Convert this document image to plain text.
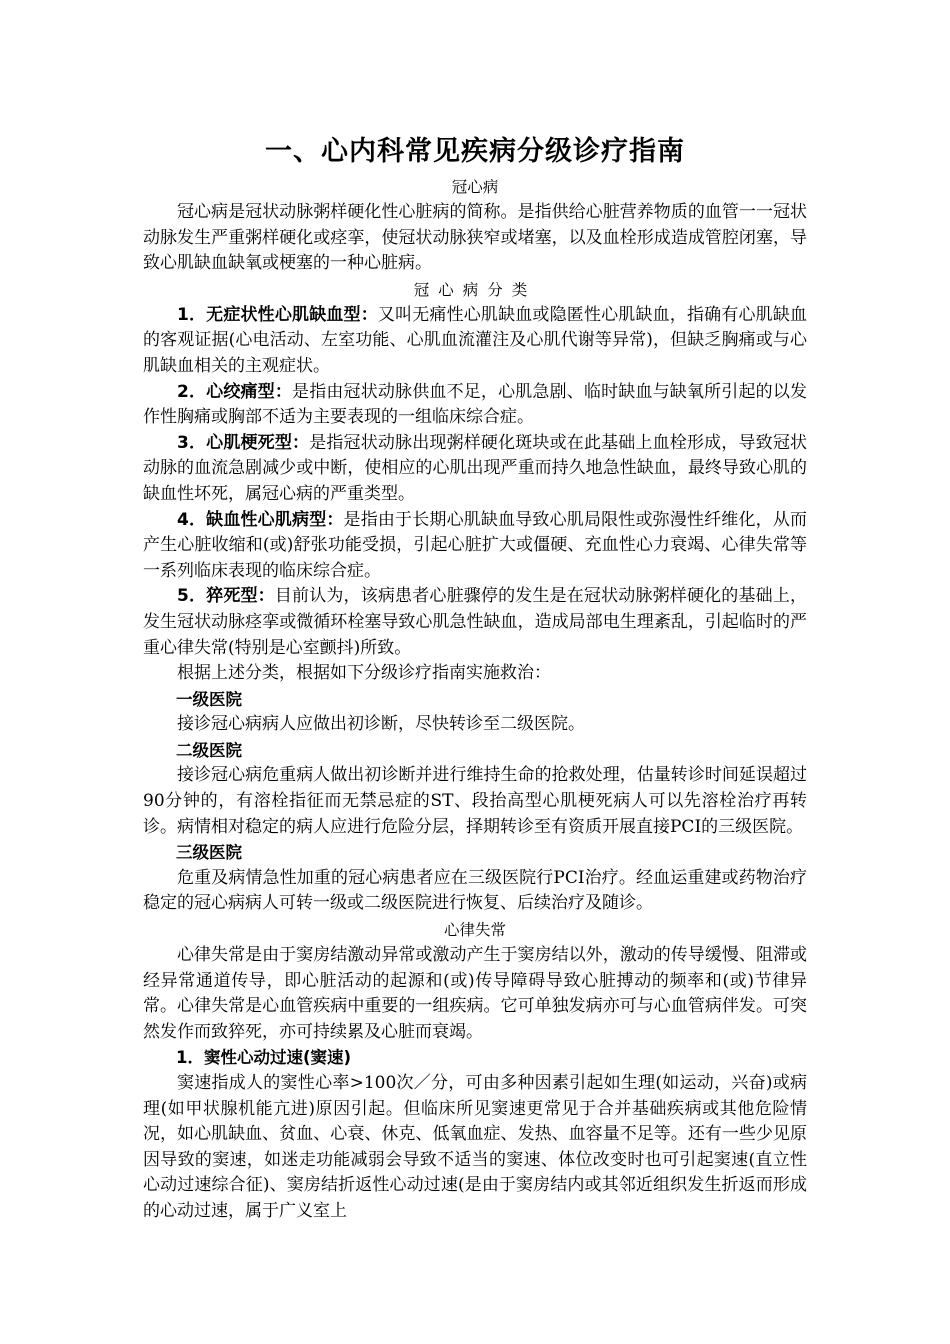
一、心内科常见疾病分级诊疗指南
冠心病

冠心病是冠状动脉粥样硬化性心脏病的简称。是指供给心脏营养物质的血管一一冠状动脉发生严重粥样硬化或痉挛，使冠状动脉狭窄或堵塞，以及血栓形成造成管腔闭塞，导致心肌缺血缺氧或梗塞的一种心脏病。

冠心病分类

1．无症状性心肌缺血型：又叫无痛性心肌缺血或隐匿性心肌缺血，指确有心肌缺血的客观证据(心电活动、左室功能、心肌血流灌注及心肌代谢等异常)，但缺乏胸痛或与心肌缺血相关的主观症状。

2．心绞痛型：是指由冠状动脉供血不足，心肌急剧、临时缺血与缺氧所引起的以发作性胸痛或胸部不适为主要表现的一组临床综合症。

3．心肌梗死型：是指冠状动脉出现粥样硬化斑块或在此基础上血栓形成，导致冠状动脉的血流急剧减少或中断，使相应的心肌出现严重而持久地急性缺血，最终导致心肌的缺血性坏死，属冠心病的严重类型。

4．缺血性心肌病型：是指由于长期心肌缺血导致心肌局限性或弥漫性纤维化，从而产生心脏收缩和(或)舒张功能受损，引起心脏扩大或僵硬、充血性心力衰竭、心律失常等一系列临床表现的临床综合症。

5．猝死型：目前认为，该病患者心脏骤停的发生是在冠状动脉粥样硬化的基础上，发生冠状动脉痉挛或微循环栓塞导致心肌急性缺血，造成局部电生理紊乱，引起临时的严重心律失常(特别是心室颤抖)所致。

根据上述分类，根据如下分级诊疗指南实施救治：

一级医院

接诊冠心病病人应做出初诊断，尽快转诊至二级医院。

二级医院

接诊冠心病危重病人做出初诊断并进行维持生命的抢救处理，估量转诊时间延误超过90分钟的，有溶栓指征而无禁忌症的ST、段抬高型心肌梗死病人可以先溶栓治疗再转诊。病情相对稳定的病人应进行危险分层，择期转诊至有资质开展直接PCI的三级医院。

三级医院

危重及病情急性加重的冠心病患者应在三级医院行PCI治疗。经血运重建或药物治疗稳定的冠心病病人可转一级或二级医院进行恢复、后续治疗及随诊。

心律失常

心律失常是由于窦房结激动异常或激动产生于窦房结以外，激动的传导缓慢、阻滞或经异常通道传导，即心脏活动的起源和(或)传导障碍导致心脏搏动的频率和(或)节律异常。心律失常是心血管疾病中重要的一组疾病。它可单独发病亦可与心血管病伴发。可突然发作而致猝死，亦可持续累及心脏而衰竭。

1．窦性心动过速(窦速)

窦速指成人的窦性心率>100次／分，可由多种因素引起如生理(如运动，兴奋)或病理(如甲状腺机能亢进)原因引起。但临床所见窦速更常见于合并基础疾病或其他危险情况，如心肌缺血、贫血、心衰、休克、低氧血症、发热、血容量不足等。还有一些少见原因导致的窦速，如迷走功能减弱会导致不适当的窦速、体位改变时也可引起窦速(直立性心动过速综合征)、窦房结折返性心动过速(是由于窦房结内或其邻近组织发生折返而形成的心动过速，属于广义室上
